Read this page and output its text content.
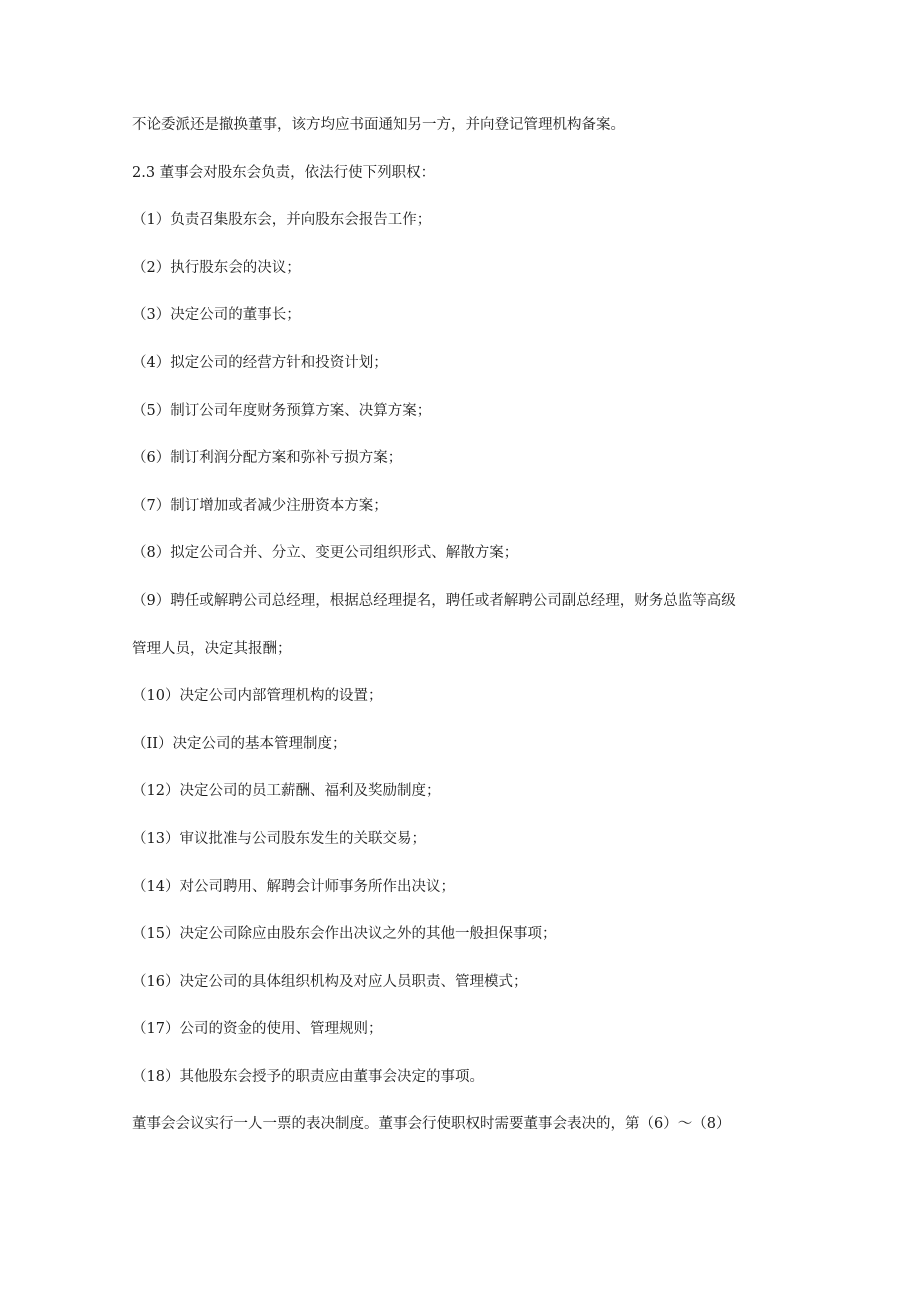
不论委派还是撤换董事，该方均应书面通知另一方，并向登记管理机构备案。
2.3 董事会对股东会负责，依法行使下列职权：
（1）负责召集股东会，并向股东会报告工作；
（2）执行股东会的决议；
（3）决定公司的董事长；
（4）拟定公司的经营方针和投资计划；
（5）制订公司年度财务预算方案、决算方案；
（6）制订利润分配方案和弥补亏损方案；
（7）制订增加或者减少注册资本方案；
（8）拟定公司合并、分立、变更公司组织形式、解散方案；
（9）聘任或解聘公司总经理，根据总经理提名，聘任或者解聘公司副总经理，财务总监等高级
管理人员，决定其报酬；
（10）决定公司内部管理机构的设置；
（II）决定公司的基本管理制度；
（12）决定公司的员工薪酬、福利及奖励制度；
（13）审议批准与公司股东发生的关联交易；
（14）对公司聘用、解聘会计师事务所作出决议；
（15）决定公司除应由股东会作出决议之外的其他一般担保事项；
（16）决定公司的具体组织机构及对应人员职责、管理模式；
（17）公司的资金的使用、管理规则；
（18）其他股东会授予的职责应由董事会决定的事项。
董事会会议实行一人一票的表决制度。董事会行使职权时需要董事会表决的，第（6）～（8）
